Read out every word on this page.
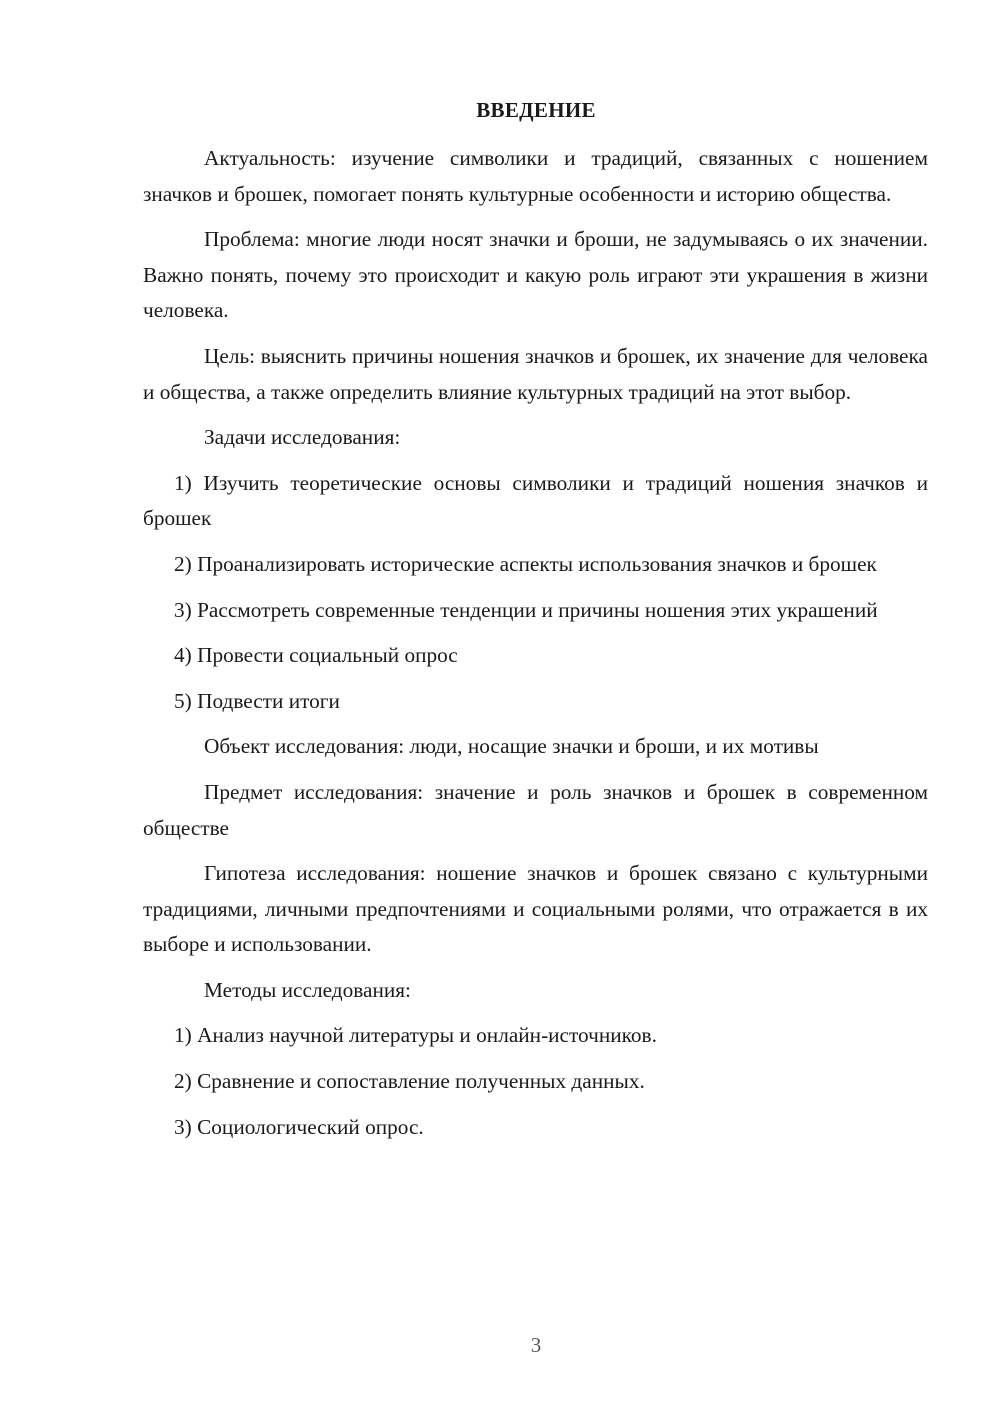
ВВЕДЕНИЕ

Актуальность: изучение символики и традиций, связанных с ношением значков и брошек, помогает понять культурные особенности и историю общества.

Проблема: многие люди носят значки и броши, не задумываясь о их значении. Важно понять, почему это происходит и какую роль играют эти украшения в жизни человека.

Цель: выяснить причины ношения значков и брошек, их значение для человека и общества, а также определить влияние культурных традиций на этот выбор.

Задачи исследования:

1) Изучить теоретические основы символики и традиций ношения значков и брошек

2) Проанализировать исторические аспекты использования значков и брошек

3) Рассмотреть современные тенденции и причины ношения этих украшений

4) Провести социальный опрос

5) Подвести итоги

Объект исследования: люди, носащие значки и броши, и их мотивы

Предмет исследования: значение и роль значков и брошек в современном обществе

Гипотеза исследования: ношение значков и брошек связано с культурными традициями, личными предпочтениями и социальными ролями, что отражается в их выборе и использовании.

Методы исследования:

1) Анализ научной литературы и онлайн-источников.

2) Сравнение и сопоставление полученных данных.

3) Социологический опрос.

3
